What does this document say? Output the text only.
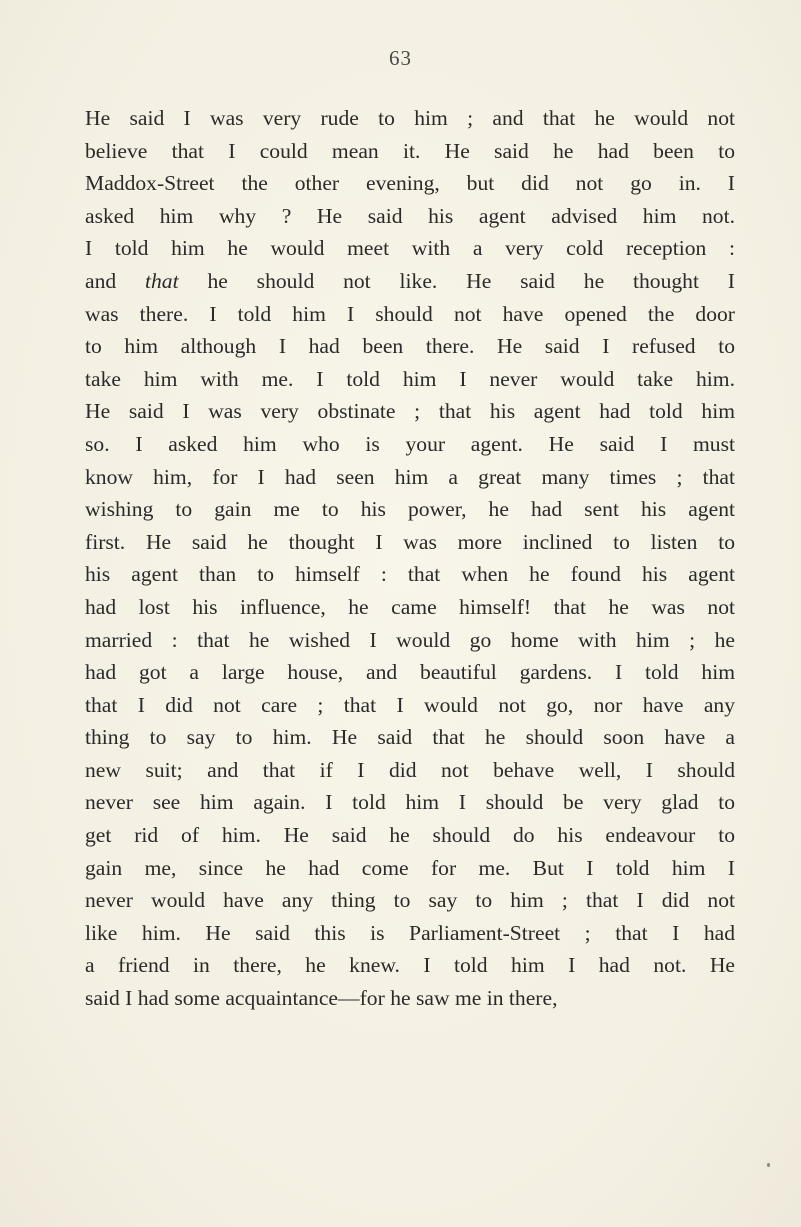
63
He said I was very rude to him ; and that he would not
believe that I could mean it. He said he had been to
Maddox-Street the other evening, but did not go in. I
asked him why ? He said his agent advised him not.
I told him he would meet with a very cold reception :
and that he should not like. He said he thought I
was there. I told him I should not have opened the door
to him although I had been there. He said I refused to
take him with me. I told him I never would take him.
He said I was very obstinate ; that his agent had told him
so. I asked him who is your agent. He said I must
know him, for I had seen him a great many times ; that
wishing to gain me to his power, he had sent his agent
first. He said he thought I was more inclined to listen to
his agent than to himself : that when he found his agent
had lost his influence, he came himself! that he was not
married : that he wished I would go home with him ; he
had got a large house, and beautiful gardens. I told him
that I did not care ; that I would not go, nor have any
thing to say to him. He said that he should soon have a
new suit; and that if I did not behave well, I should
never see him again. I told him I should be very glad to
get rid of him. He said he should do his endeavour to
gain me, since he had come for me. But I told him I
never would have any thing to say to him ; that I did not
like him. He said this is Parliament-Street ; that I had
a friend in there, he knew. I told him I had not. He
said I had some acquaintance—for he saw me in there,
